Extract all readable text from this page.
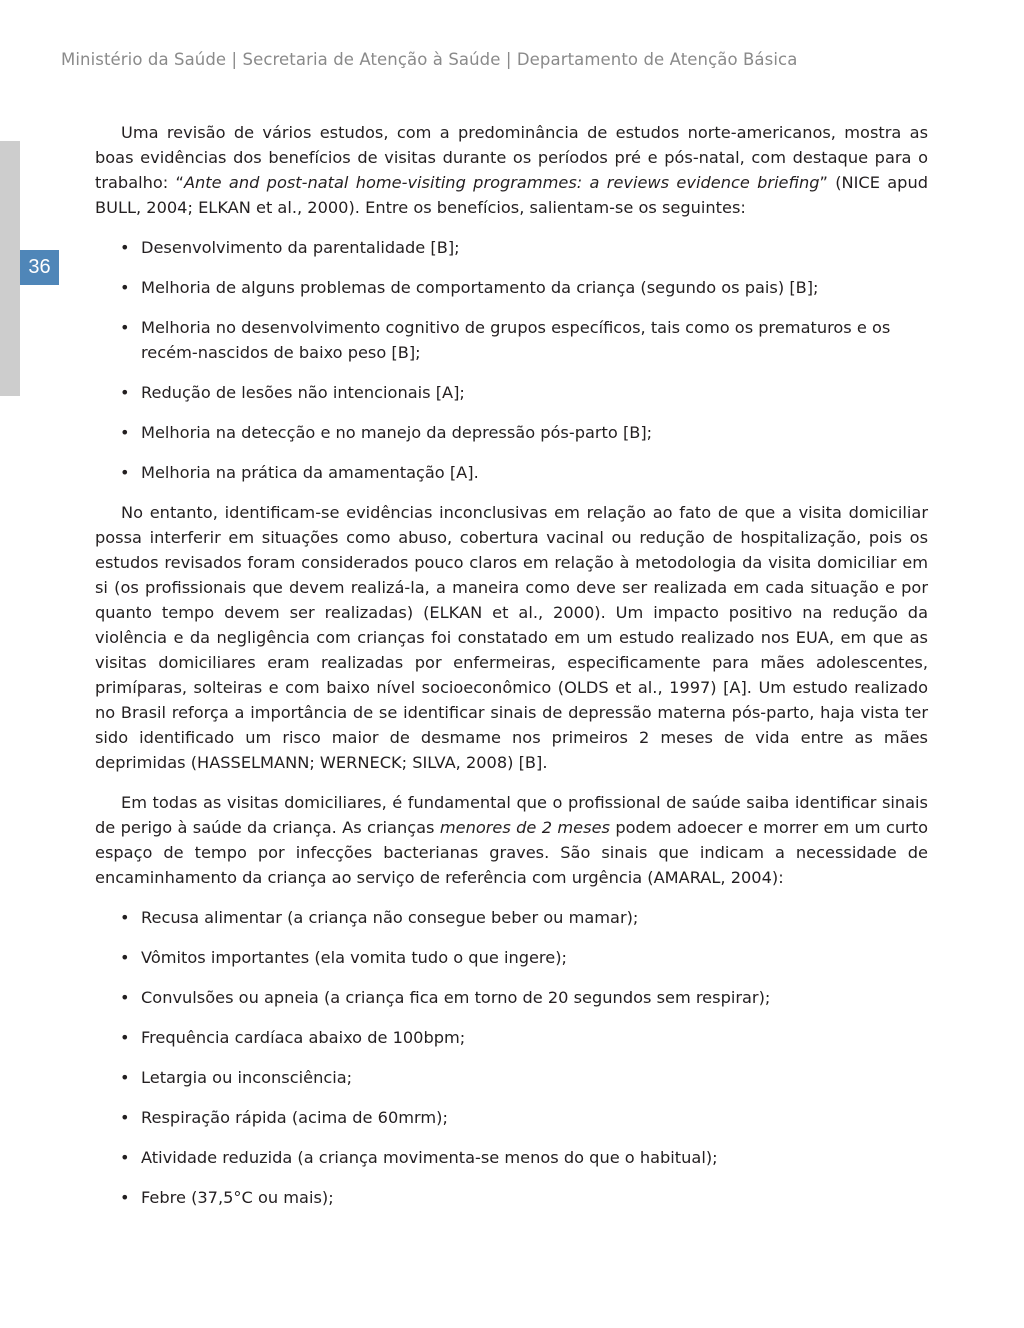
Ministério da Saúde | Secretaria de Atenção à Saúde | Departamento de Atenção Básica
36

Uma revisão de vários estudos, com a predominância de estudos norte-americanos, mostra as boas evidências dos benefícios de visitas durante os períodos pré e pós-natal, com destaque para o trabalho: “Ante and post-natal home-visiting programmes: a reviews evidence briefing” (NICE apud BULL, 2004; ELKAN et al., 2000). Entre os benefícios, salientam-se os seguintes:

• Desenvolvimento da parentalidade [B];
• Melhoria de alguns problemas de comportamento da criança (segundo os pais) [B];
• Melhoria no desenvolvimento cognitivo de grupos específicos, tais como os prematuros e os recém-nascidos de baixo peso [B];
• Redução de lesões não intencionais [A];
• Melhoria na detecção e no manejo da depressão pós-parto [B];
• Melhoria na prática da amamentação [A].

No entanto, identificam-se evidências inconclusivas em relação ao fato de que a visita domiciliar possa interferir em situações como abuso, cobertura vacinal ou redução de hospitalização, pois os estudos revisados foram considerados pouco claros em relação à metodologia da visita domiciliar em si (os profissionais que devem realizá-la, a maneira como deve ser realizada em cada situação e por quanto tempo devem ser realizadas) (ELKAN et al., 2000). Um impacto positivo na redução da violência e da negligência com crianças foi constatado em um estudo realizado nos EUA, em que as visitas domiciliares eram realizadas por enfermeiras, especificamente para mães adolescentes, primíparas, solteiras e com baixo nível socioeconômico (OLDS et al., 1997) [A]. Um estudo realizado no Brasil reforça a importância de se identificar sinais de depressão materna pós-parto, haja vista ter sido identificado um risco maior de desmame nos primeiros 2 meses de vida entre as mães deprimidas (HASSELMANN; WERNECK; SILVA, 2008) [B].

Em todas as visitas domiciliares, é fundamental que o profissional de saúde saiba identificar sinais de perigo à saúde da criança. As crianças menores de 2 meses podem adoecer e morrer em um curto espaço de tempo por infecções bacterianas graves. São sinais que indicam a necessidade de encaminhamento da criança ao serviço de referência com urgência (AMARAL, 2004):

• Recusa alimentar (a criança não consegue beber ou mamar);
• Vômitos importantes (ela vomita tudo o que ingere);
• Convulsões ou apneia (a criança fica em torno de 20 segundos sem respirar);
• Frequência cardíaca abaixo de 100bpm;
• Letargia ou inconsciência;
• Respiração rápida (acima de 60mrm);
• Atividade reduzida (a criança movimenta-se menos do que o habitual);
• Febre (37,5°C ou mais);
